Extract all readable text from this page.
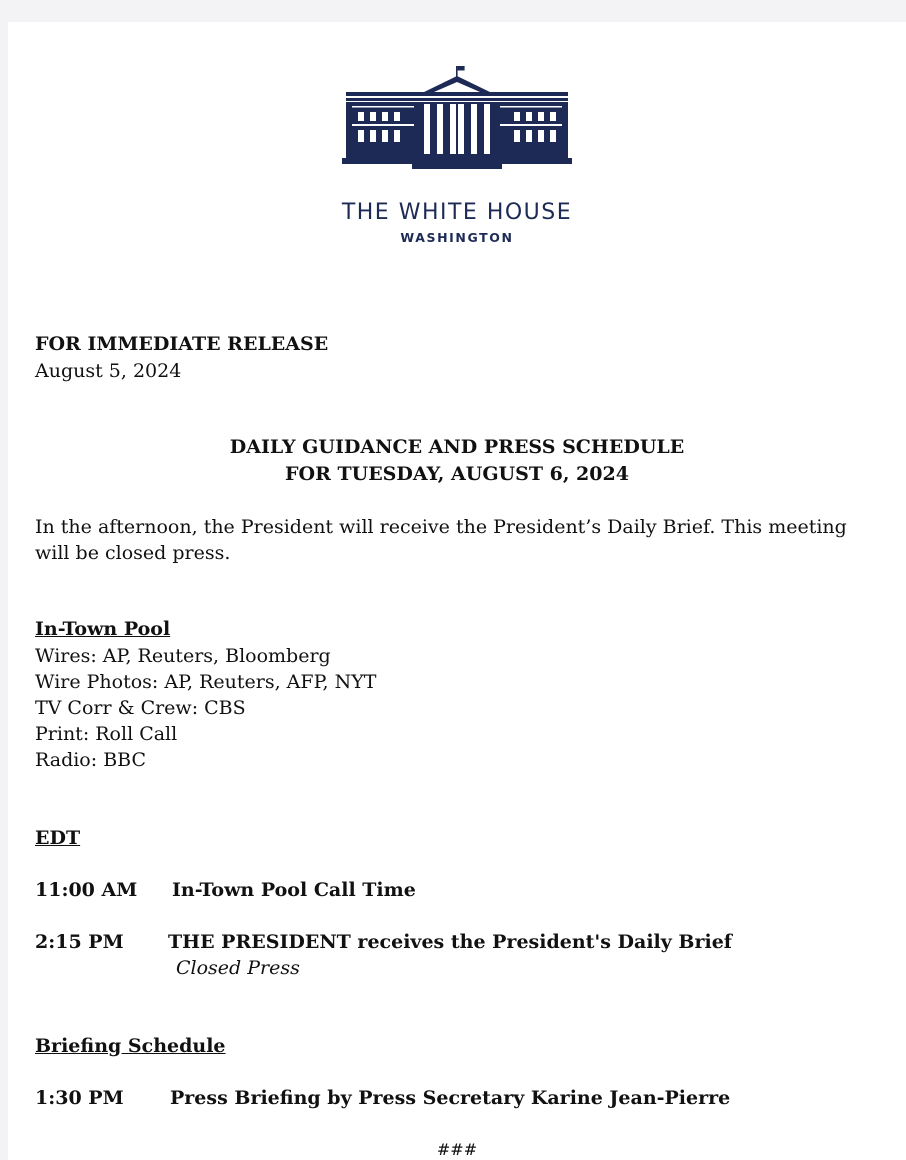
THE WHITE HOUSE
WASHINGTON
FOR IMMEDIATE RELEASE
August 5, 2024
DAILY GUIDANCE AND PRESS SCHEDULE
FOR TUESDAY, AUGUST 6, 2024
In the afternoon, the President will receive the President’s Daily Brief. This meeting will be closed press.
In-Town Pool
Wires: AP, Reuters, Bloomberg
Wire Photos: AP, Reuters, AFP, NYT
TV Corr & Crew: CBS
Print: Roll Call
Radio: BBC
EDT
11:00 AM In-Town Pool Call Time
2:15 PM THE PRESIDENT receives the President's Daily Brief
Closed Press
Briefing Schedule
1:30 PM Press Briefing by Press Secretary Karine Jean-Pierre
###
